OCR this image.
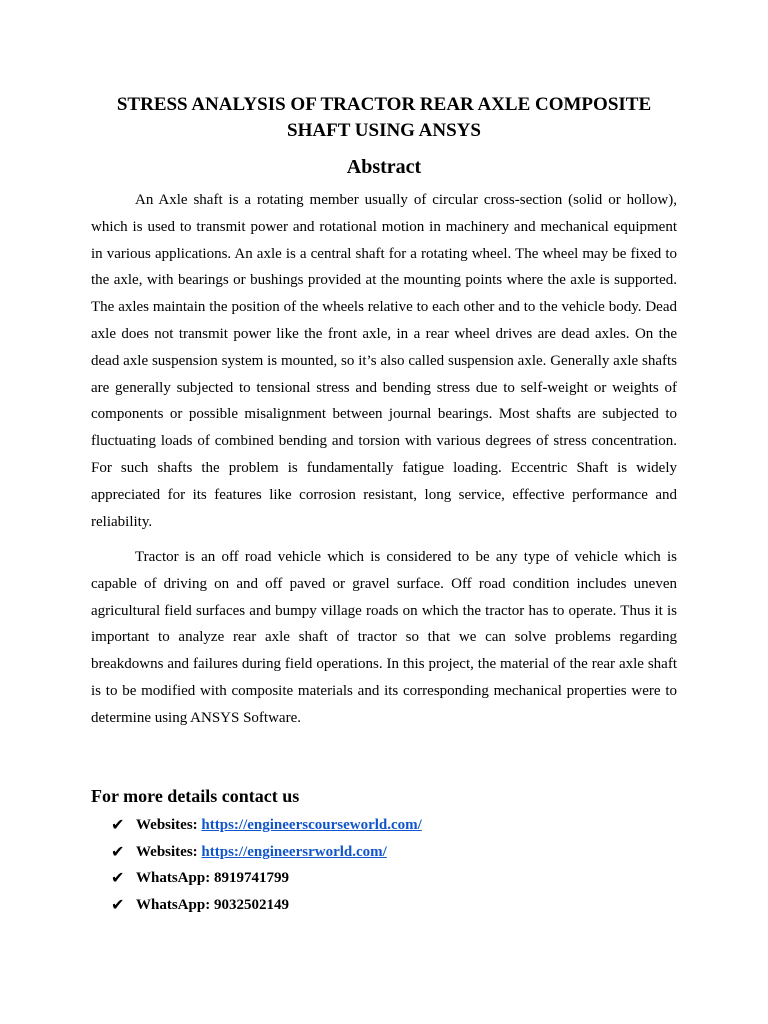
STRESS ANALYSIS OF TRACTOR REAR AXLE COMPOSITE
SHAFT USING ANSYS
Abstract

An Axle shaft is a rotating member usually of circular cross-section (solid or hollow), which is used to transmit power and rotational motion in machinery and mechanical equipment in various applications. An axle is a central shaft for a rotating wheel. The wheel may be fixed to the axle, with bearings or bushings provided at the mounting points where the axle is supported. The axles maintain the position of the wheels relative to each other and to the vehicle body. Dead axle does not transmit power like the front axle, in a rear wheel drives are dead axles. On the dead axle suspension system is mounted, so it’s also called suspension axle. Generally axle shafts are generally subjected to tensional stress and bending stress due to self-weight or weights of components or possible misalignment between journal bearings. Most shafts are subjected to fluctuating loads of combined bending and torsion with various degrees of stress concentration. For such shafts the problem is fundamentally fatigue loading. Eccentric Shaft is widely appreciated for its features like corrosion resistant, long service, effective performance and reliability.

Tractor is an off road vehicle which is considered to be any type of vehicle which is capable of driving on and off paved or gravel surface. Off road condition includes uneven agricultural field surfaces and bumpy village roads on which the tractor has to operate. Thus it is important to analyze rear axle shaft of tractor so that we can solve problems regarding breakdowns and failures during field operations. In this project, the material of the rear axle shaft is to be modified with composite materials and its corresponding mechanical properties were to determine using ANSYS Software.

For more details contact us
✔ Websites: https://engineerscourseworld.com/
✔ Websites: https://engineersrworld.com/
✔ WhatsApp: 8919741799
✔ WhatsApp: 9032502149
